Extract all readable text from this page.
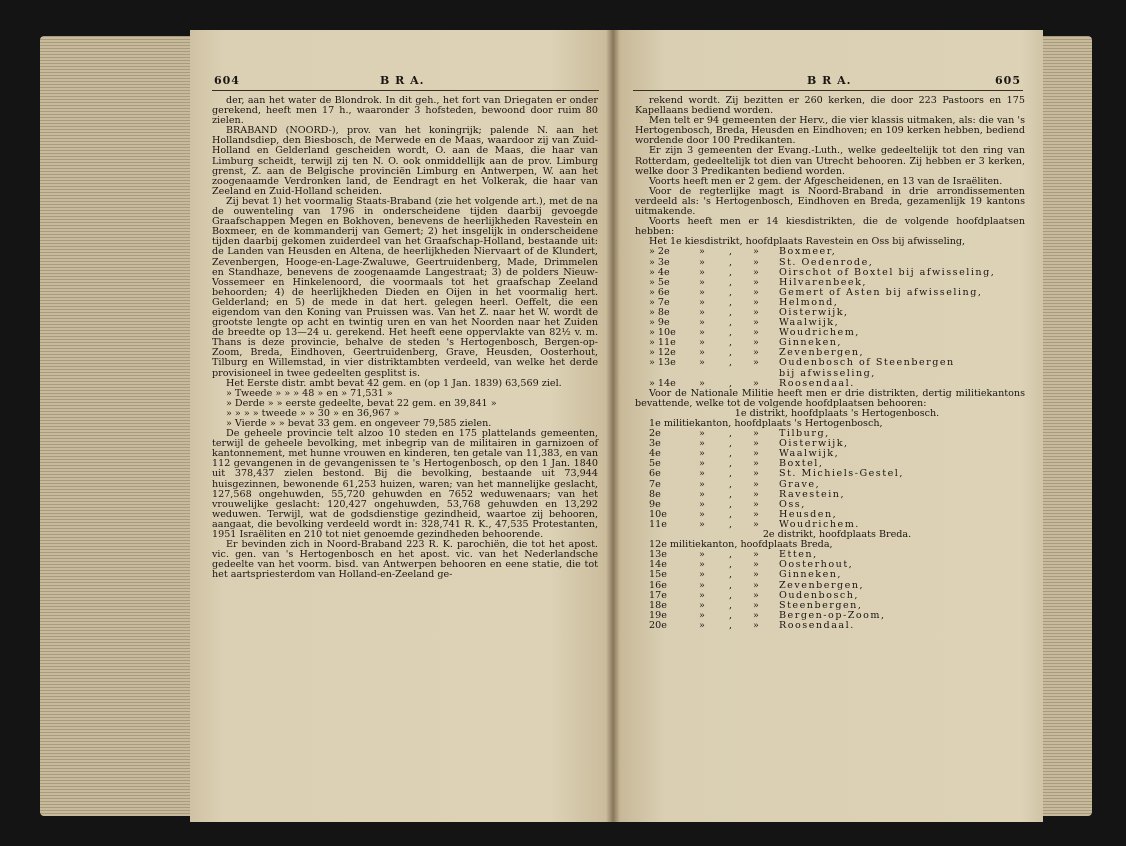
604	B R A.

der, aan het water de Blondrok. In dit geh., het fort van Driegaten er onder gerekend, heeft men 17 h., waaronder 3 hofsteden, bewoond door ruim 80 zielen.

BRABAND (NOORD-), prov. van het koningrijk; palende N. aan het Hollandsdiep, den Biesbosch, de Merwede en de Maas, waardoor zij van Zuid-Holland en Gelderland gescheiden wordt, O. aan de Maas, die haar van Limburg scheidt, terwijl zij ten N. O. ook onmiddellijk aan de prov. Limburg grenst, Z. aan de Belgische provinciën Limburg en Antwerpen, W. aan het zoogenaamde Verdronken land, de Eendragt en het Volkerak, die haar van Zeeland en Zuid-Holland scheiden.

Zij bevat 1) het voormalig Staats-Braband (zie het volgende art.), met de na de ouwenteling van 1796 in onderscheidene tijden daarbij gevoegde Graafschappen Megen en Bokhoven, benevens de heerlijkheden Ravestein en Boxmeer, en de kommanderij van Gemert; 2) het insgelijk in onderscheidene tijden daarbij gekomen zuiderdeel van het Graafschap-Holland, bestaande uit: de Landen van Heusden en Altena, de heerlijkheden Niervaart of de Klundert, Zevenbergen, Hooge-en-Lage-Zwaluwe, Geertruidenberg, Made, Drimmelen en Standhaze, benevens de zoogenaamde Langestraat; 3) de polders Nieuw-Vossemeer en Hinkelenoord, die voormaals tot het graafschap Zeeland behoorden; 4) de heerlijkheden Dieden en Oijen in het voormalig hert. Gelderland; en 5) de mede in dat hert. gelegen heerl. Oeffelt, die een eigendom van den Koning van Pruissen was. Van het Z. naar het W. wordt de grootste lengte op acht en twintig uren en van het Noorden naar het Zuiden de breedte op 13—24 u. gerekend. Het heeft eene oppervlakte van 82½ v. m. Thans is deze provincie, behalve de steden 's Hertogenbosch, Bergen-op-Zoom, Breda, Eindhoven, Geertruidenberg, Grave, Heusden, Oosterhout, Tilburg en Willemstad, in vier distriktambten verdeeld, van welke het derde provisioneel in twee gedeelten gesplitst is.

Het Eerste distr. ambt bevat 42 gem. en (op 1 Jan. 1839) 63,569 ziel.

» Tweede » » » 48 » en » 71,531 »

» Derde » » eerste gedeelte, bevat 22 gem. en 39,841 »

» » » » tweede » » 30 » en 36,967 »

» Vierde » » bevat 33 gem. en ongeveer 79,585 zielen.

De geheele provincie telt alzoo 10 steden en 175 plattelands gemeenten, terwijl de geheele bevolking, met inbegrip van de militairen in garnizoen of kantonnement, met hunne vrouwen en kinderen, ten getale van 11,383, en van 112 gevangenen in de gevangenissen te 's Hertogenbosch, op den 1 Jan. 1840 uit 378,437 zielen bestond. Bij die bevolking, bestaande uit 73,944 huisgezinnen, bewonende 61,253 huizen, waren; van het mannelijke geslacht, 127,568 ongehuwden, 55,720 gehuwden en 7652 weduwenaars; van het vrouwelijke geslacht: 120,427 ongehuwden, 53,768 gehuwden en 13,292 weduwen. Terwijl, wat de godsdienstige gezindheid, waartoe zij behooren, aangaat, die bevolking verdeeld wordt in: 328,741 R. K., 47,535 Protestanten, 1951 Israëliten en 210 tot niet genoemde gezindheden behoorende.

Er bevinden zich in Noord-Braband 223 R. K. parochiën, die tot het apost. vic. gen. van 's Hertogenbosch en het apost. vic. van het Nederlandsche gedeelte van het voorm. bisd. van Antwerpen behooren en eene statie, die tot het aartspriesterdom van Holland-en-Zeeland ge-

B R A.	605

rekend wordt. Zij bezitten er 260 kerken, die door 223 Pastoors en 175 Kapellaans bediend worden.

Men telt er 94 gemeenten der Herv., die vier klassis uitmaken, als: die van 's Hertogenbosch, Breda, Heusden en Eindhoven; en 109 kerken hebben, bediend wordende door 100 Predikanten.

Er zijn 3 gemeenten der Evang.-Luth., welke gedeeltelijk tot den ring van Rotterdam, gedeeltelijk tot dien van Utrecht behooren. Zij hebben er 3 kerken, welke door 3 Predikanten bediend worden.

Voorts heeft men er 2 gem. der Afgescheidenen, en 13 van de Israëliten.

Voor de regterlijke magt is Noord-Braband in drie arrondissementen verdeeld als: 's Hertogenbosch, Eindhoven en Breda, gezamenlijk 19 kantons uitmakende.

Voorts heeft men er 14 kiesdistrikten, die de volgende hoofdplaatsen hebben:

Het 1e kiesdistrikt, hoofdplaats Ravestein en Oss bij afwisseling,

» 2e	»	,	»	Boxmeer,
» 3e	»	,	»	St. Oedenrode,
» 4e	»	,	»	Oirschot of Boxtel bij afwisseling,
» 5e	»	,	»	Hilvarenbeek,
» 6e	»	,	»	Gemert of Asten bij afwisseling,
» 7e	»	,	»	Helmond,
» 8e	»	,	»	Oisterwijk,
» 9e	»	,	»	Waalwijk,
» 10e	»	,	»	Woudrichem,
» 11e	»	,	»	Ginneken,
» 12e	»	,	»	Zevenbergen,
» 13e	»	,	»	Oudenbosch of Steenbergen
bij afwisseling,
» 14e	»	,	»	Roosendaal.

Voor de Nationale Militie heeft men er drie distrikten, dertig militiekantons bevattende, welke tot de volgende hoofdplaatsen behooren:

1e distrikt, hoofdplaats 's Hertogenbosch.

1e militiekanton, hoofdplaats 's Hertogenbosch,

2e	»	,	»	Tilburg,
3e	»	,	»	Oisterwijk,
4e	»	,	»	Waalwijk,
5e	»	,	»	Boxtel,
6e	»	,	»	St. Michiels-Gestel,
7e	»	,	»	Grave,
8e	»	,	»	Ravestein,
9e	»	,	»	Oss,
10e	»	,	»	Heusden,
11e	»	,	»	Woudrichem.

2e distrikt, hoofdplaats Breda.

12e militiekanton, hoofdplaats Breda,

13e	»	,	»	Etten,
14e	»	,	»	Oosterhout,
15e	»	,	»	Ginneken,
16e	»	,	»	Zevenbergen,
17e	»	,	»	Oudenbosch,
18e	»	,	»	Steenbergen,
19e	»	,	»	Bergen-op-Zoom,
20e	»	,	»	Roosendaal.
